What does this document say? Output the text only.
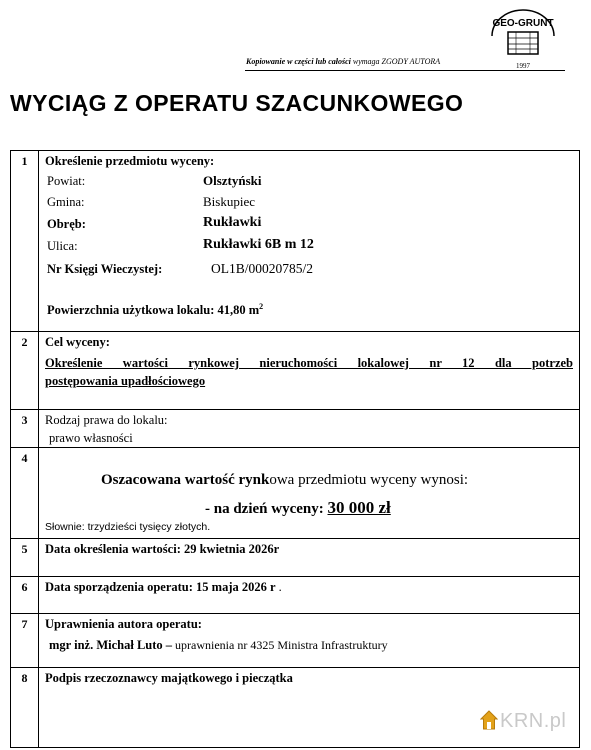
GEO-GRUNT
1997
Kopiowanie w części lub całości wymaga ZGODY AUTORA
WYCIĄG Z OPERATU SZACUNKOWEGO
1	Określenie przedmiotu wyceny:
Powiat:	Olsztyński
Gmina:	Biskupiec
Obręb:	Rukławki
Ulica:	Rukławki 6B m 12
Nr Księgi Wieczystej:	OL1B/00020785/2
Powierzchnia użytkowa lokalu: 41,80 $m^2$
2	Cel wyceny:
Określenie wartości rynkowej nieruchomości lokalowej nr 12 dla potrzeb
postępowania upadłościowego
3	Rodzaj prawa do lokalu:
prawo własności
4
Oszacowana wartość rynkowa przedmiotu wyceny wynosi:
- na dzień wyceny: 30 000 zł
Słownie: trzydzieści tysięcy złotych.
5	Data określenia wartości: 29 kwietnia 2026r
6	Data sporządzenia operatu: 15 maja 2026 r .
7	Uprawnienia autora operatu:
mgr inż. Michał Luto – uprawnienia nr 4325 Ministra Infrastruktury
8	Podpis rzeczoznawcy majątkowego i pieczątka
KRN.pl
